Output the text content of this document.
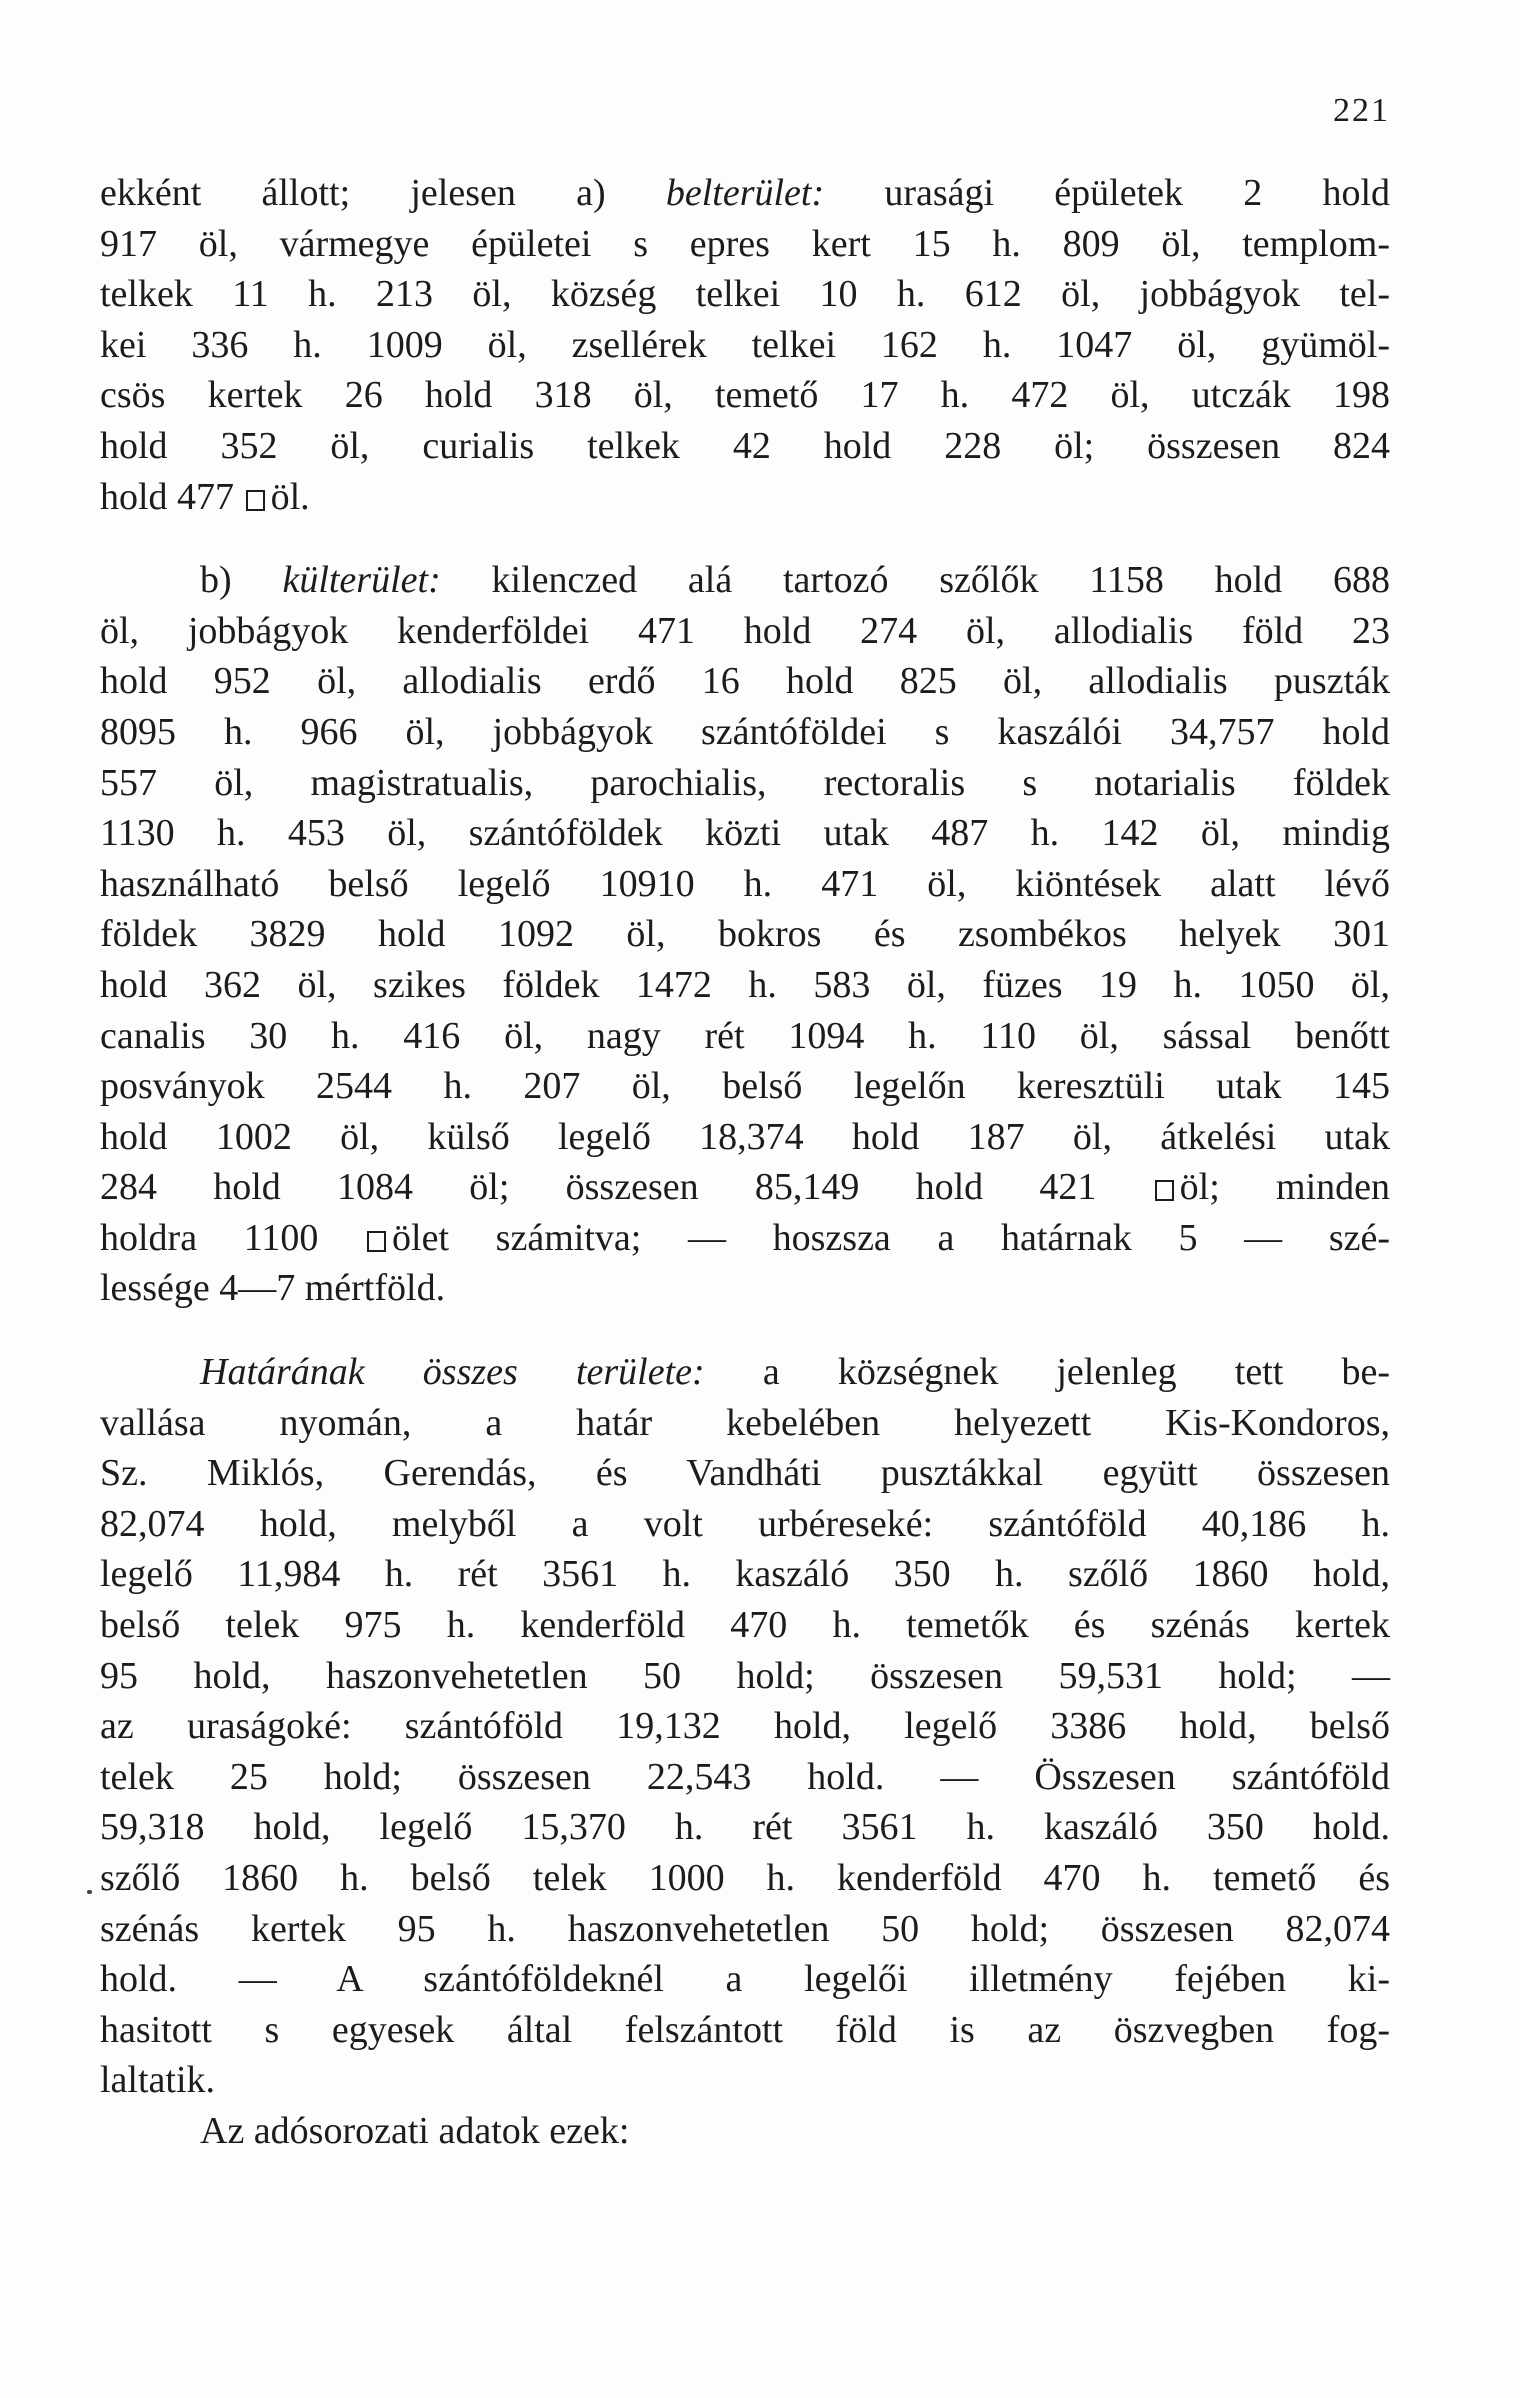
221

ekként állott; jelesen a) belterület: urasági épületek 2 hold
917 öl, vármegye épületei s epres kert 15 h. 809 öl, templom-
telkek 11 h. 213 öl, község telkei 10 h. 612 öl, jobbágyok tel-
kei 336 h. 1009 öl, zsellérek telkei 162 h. 1047 öl, gyümöl-
csös kertek 26 hold 318 öl, temető 17 h. 472 öl, utczák 198
hold 352 öl, curialis telkek 42 hold 228 öl; összesen 824
hold 477 öl.

b) külterület: kilenczed alá tartozó szőlők 1158 hold 688
öl, jobbágyok kenderföldei 471 hold 274 öl, allodialis föld 23
hold 952 öl, allodialis erdő 16 hold 825 öl, allodialis puszták
8095 h. 966 öl, jobbágyok szántóföldei s kaszálói 34,757 hold
557 öl, magistratualis, parochialis, rectoralis s notarialis földek
1130 h. 453 öl, szántóföldek közti utak 487 h. 142 öl, mindig
használható belső legelő 10910 h. 471 öl, kiöntések alatt lévő
földek 3829 hold 1092 öl, bokros és zsombékos helyek 301
hold 362 öl, szikes földek 1472 h. 583 öl, füzes 19 h. 1050 öl,
canalis 30 h. 416 öl, nagy rét 1094 h. 110 öl, sással benőtt
posványok 2544 h. 207 öl, belső legelőn keresztüli utak 145
hold 1002 öl, külső legelő 18,374 hold 187 öl, átkelési utak
284 hold 1084 öl; összesen 85,149 hold 421 öl; minden
holdra 1100 ölet számitva; — hoszsza a határnak 5 — szé-
lessége 4—7 mértföld.

Határának összes területe: a községnek jelenleg tett be-
vallása nyomán, a határ kebelében helyezett Kis-Kondoros,
Sz. Miklós, Gerendás, és Vandháti pusztákkal együtt összesen
82,074 hold, melyből a volt urbéreseké: szántóföld 40,186 h.
legelő 11,984 h. rét 3561 h. kaszáló 350 h. szőlő 1860 hold,
belső telek 975 h. kenderföld 470 h. temetők és szénás kertek
95 hold, haszonvehetetlen 50 hold; összesen 59,531 hold; —
az uraságoké: szántóföld 19,132 hold, legelő 3386 hold, belső
telek 25 hold; összesen 22,543 hold. — Összesen szántóföld
59,318 hold, legelő 15,370 h. rét 3561 h. kaszáló 350 hold.
szőlő 1860 h. belső telek 1000 h. kenderföld 470 h. temető és
szénás kertek 95 h. haszonvehetetlen 50 hold; összesen 82,074
hold. — A szántóföldeknél a legelői illetmény fejében ki-
hasitott s egyesek által felszántott föld is az öszvegben fog-
laltatik.

Az adósorozati adatok ezek:
